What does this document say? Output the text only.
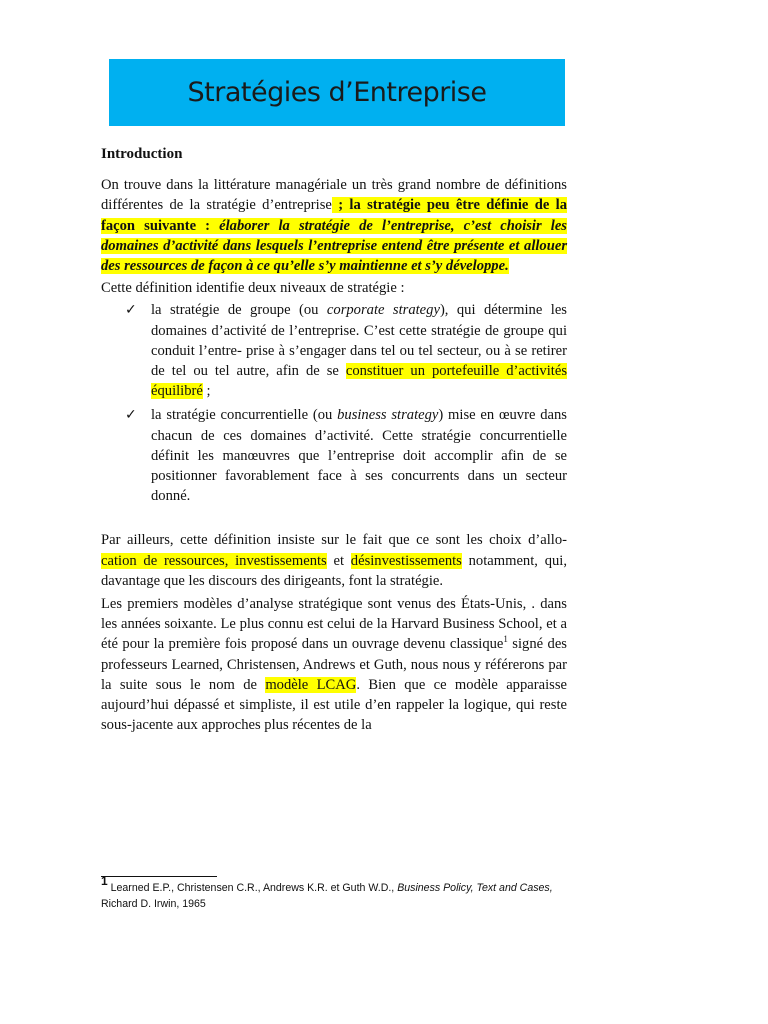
Stratégies d’Entreprise
Introduction

On trouve dans la littérature managériale un très grand nombre de définitions différentes de la stratégie d’entreprise ; la stratégie peu être définie de la façon suivante : élaborer la stratégie de l’entreprise, c’est choisir les domaines d’activité dans lesquels l’entreprise entend être présente et allouer des ressources de façon à ce qu’elle s’y maintienne et s’y développe.

Cette définition identifie deux niveaux de stratégie :

✓ la stratégie de groupe (ou corporate strategy), qui détermine les domaines d’activité de l’entreprise. C’est cette stratégie de groupe qui conduit l’entre- prise à s’engager dans tel ou tel secteur, ou à se retirer de tel ou tel autre, afin de se constituer un portefeuille d’activités équilibré ;
✓ la stratégie concurrentielle (ou business strategy) mise en œuvre dans chacun de ces domaines d’activité. Cette stratégie concurrentielle définit les manœuvres que l’entreprise doit accomplir afin de se positionner favorablement face à ses concurrents dans un secteur donné.

Par ailleurs, cette définition insiste sur le fait que ce sont les choix d’allo- cation de ressources, investissements et désinvestissements notamment, qui, davantage que les discours des dirigeants, font la stratégie.

Les premiers modèles d’analyse stratégique sont venus des États-Unis, . dans les années soixante. Le plus connu est celui de la Harvard Business School, et a été pour la première fois proposé dans un ouvrage devenu classique$^1$ signé des professeurs Learned, Christensen, Andrews et Guth, nous nous y référerons par la suite sous le nom de modèle LCAG. Bien que ce modèle apparaisse aujourd’hui dépassé et simpliste, il est utile d’en rappeler la logique, qui reste sous-jacente aux approches plus récentes de la

$^1$ Learned E.P., Christensen C.R., Andrews K.R. et Guth W.D., Business Policy, Text and Cases, Richard D. Irwin, 1965
